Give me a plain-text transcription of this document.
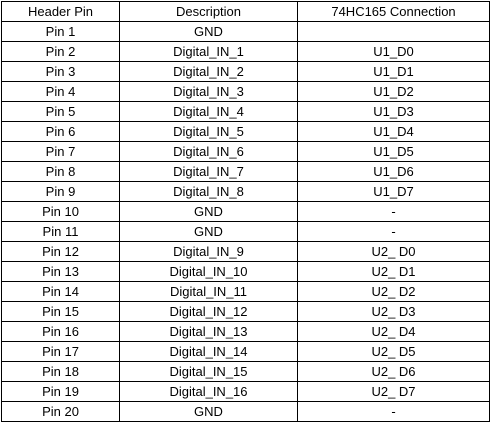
Header Pin	Description	74HC165 Connection
Pin 1	GND	
Pin 2	Digital_IN_1	U1_D0
Pin 3	Digital_IN_2	U1_D1
Pin 4	Digital_IN_3	U1_D2
Pin 5	Digital_IN_4	U1_D3
Pin 6	Digital_IN_5	U1_D4
Pin 7	Digital_IN_6	U1_D5
Pin 8	Digital_IN_7	U1_D6
Pin 9	Digital_IN_8	U1_D7
Pin 10	GND	-
Pin 11	GND	-
Pin 12	Digital_IN_9	U2_ D0
Pin 13	Digital_IN_10	U2_ D1
Pin 14	Digital_IN_11	U2_ D2
Pin 15	Digital_IN_12	U2_ D3
Pin 16	Digital_IN_13	U2_ D4
Pin 17	Digital_IN_14	U2_ D5
Pin 18	Digital_IN_15	U2_ D6
Pin 19	Digital_IN_16	U2_ D7
Pin 20	GND	-
